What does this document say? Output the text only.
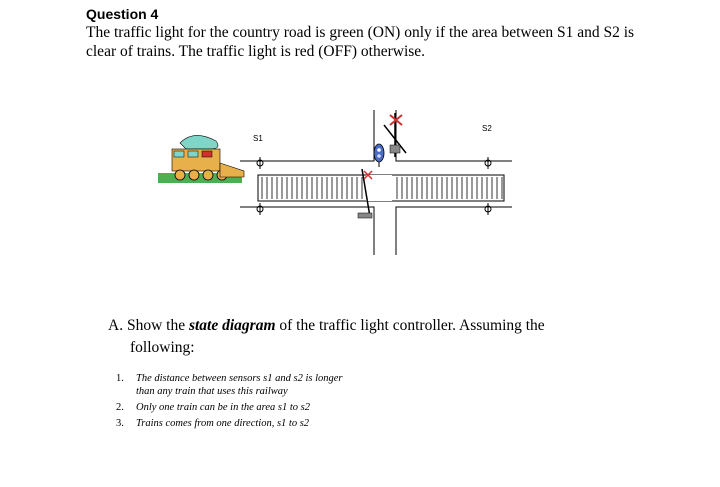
Question 4

The traffic light for the country road is green (ON) only if the area between S1 and S2 is clear of trains. The traffic light is red (OFF) otherwise.

S1
S2

A. Show the state diagram of the traffic light controller. Assuming the
following:

1. The distance between sensors s1 and s2 is longer
than any train that uses this railway
2. Only one train can be in the area s1 to s2
3. Trains comes from one direction, s1 to s2
